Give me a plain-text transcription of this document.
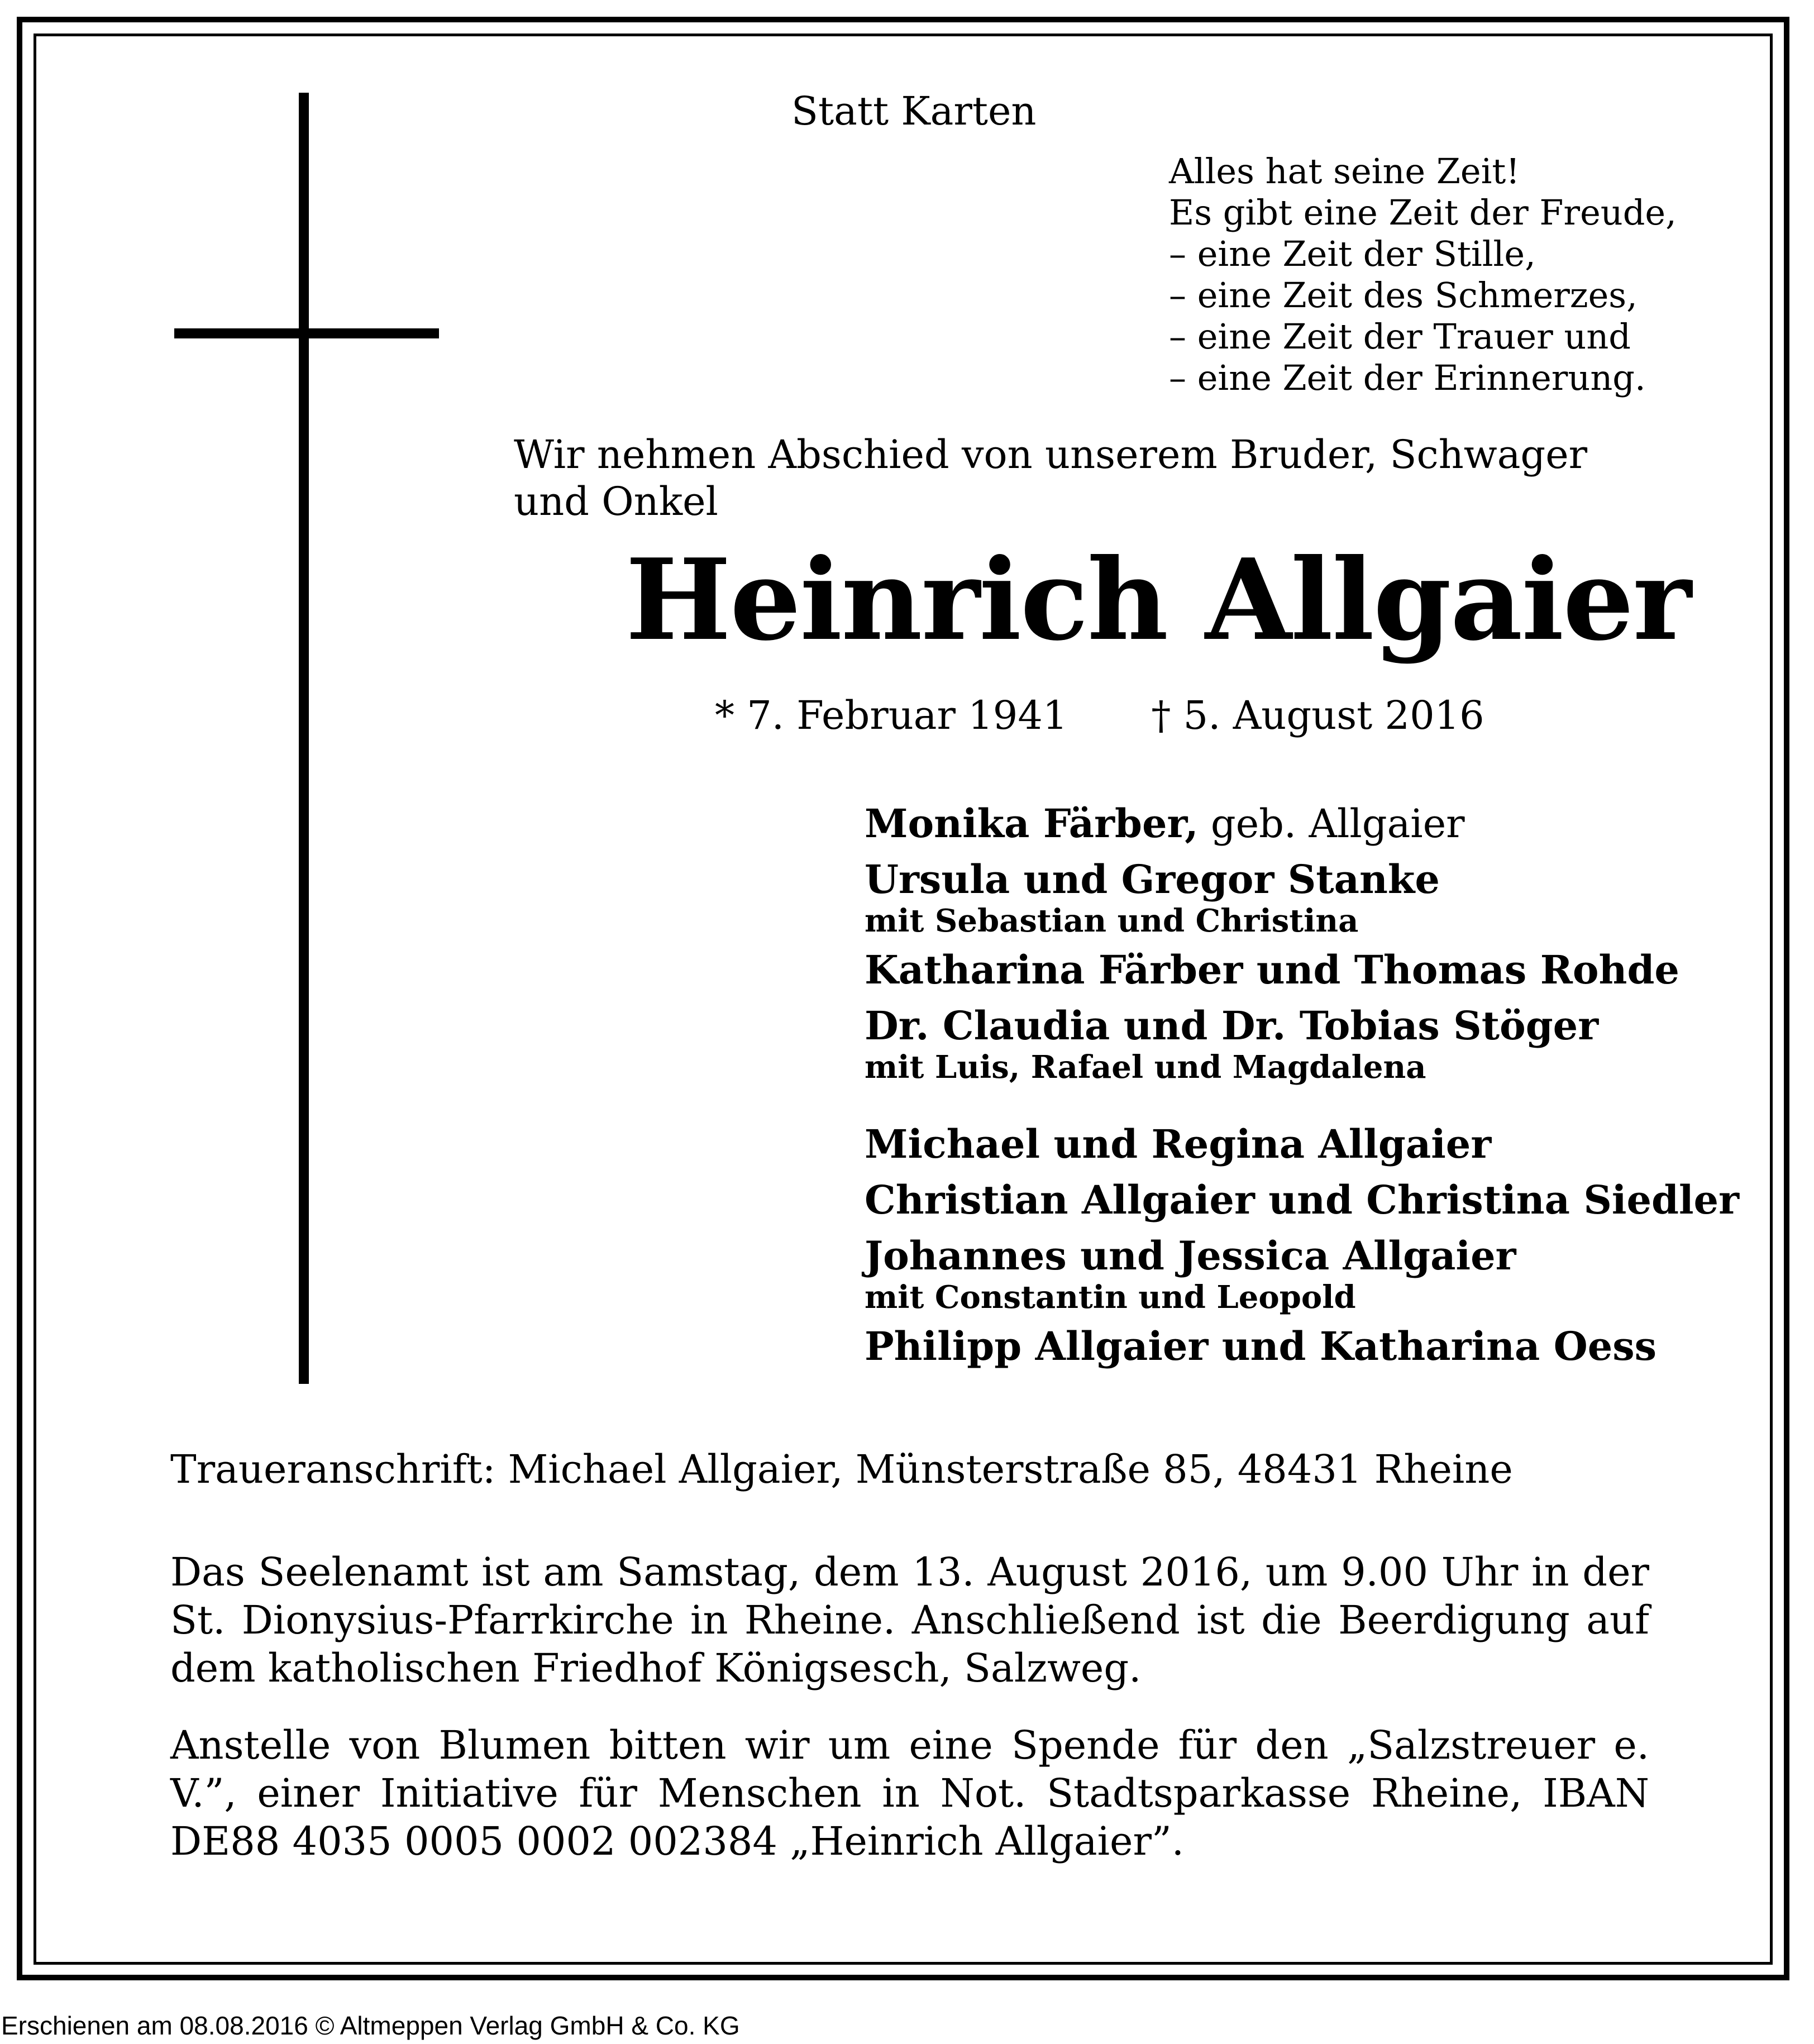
Statt Karten
Alles hat seine Zeit!
Es gibt eine Zeit der Freude,
– eine Zeit der Stille,
– eine Zeit des Schmerzes,
– eine Zeit der Trauer und
– eine Zeit der Erinnerung.
Wir nehmen Abschied von unserem Bruder, Schwager und Onkel
Heinrich Allgaier
* 7. Februar 1941 † 5. August 2016
Monika Färber, geb. Allgaier
Ursula und Gregor Stanke
mit Sebastian und Christina
Katharina Färber und Thomas Rohde
Dr. Claudia und Dr. Tobias Stöger
mit Luis, Rafael und Magdalena
Michael und Regina Allgaier
Christian Allgaier und Christina Siedler
Johannes und Jessica Allgaier
mit Constantin und Leopold
Philipp Allgaier und Katharina Oess
Traueranschrift: Michael Allgaier, Münsterstraße 85, 48431 Rheine
Das Seelenamt ist am Samstag, dem 13. August 2016, um 9.00 Uhr in der St. Dionysius-Pfarrkirche in Rheine. Anschließend ist die Beerdigung auf dem katholischen Friedhof Königsesch, Salzweg.
Anstelle von Blumen bitten wir um eine Spende für den „Salzstreuer e. V.”, einer Initiative für Menschen in Not. Stadtsparkasse Rheine, IBAN DE88 4035 0005 0002 002384 „Heinrich Allgaier”.
Erschienen am 08.08.2016 © Altmeppen Verlag GmbH & Co. KG
